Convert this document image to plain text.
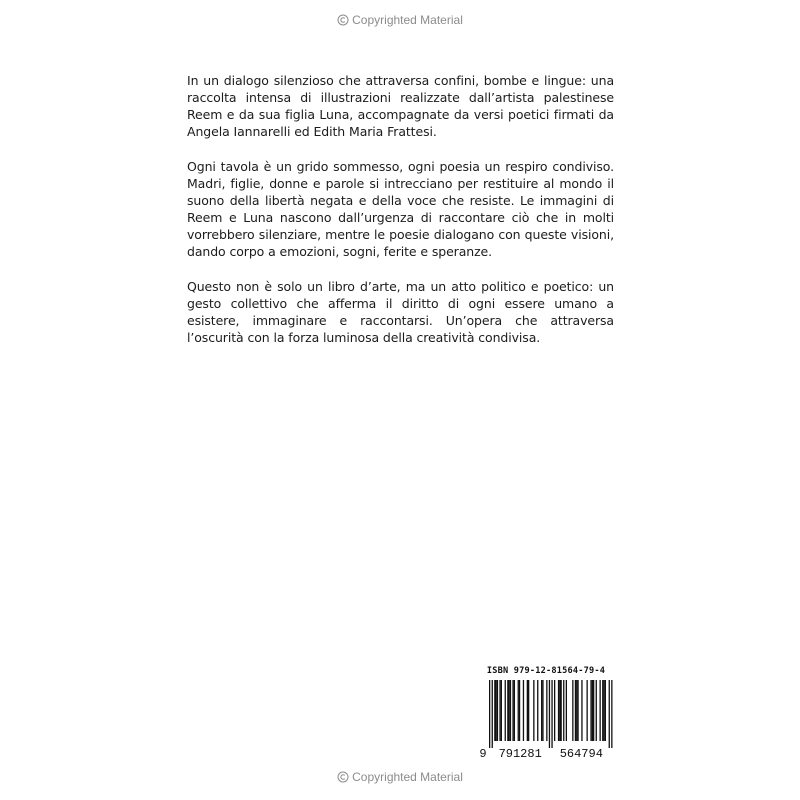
Copyrighted Material

In un dialogo silenzioso che attraversa confini, bombe e lingue: una raccolta intensa di illustrazioni realizzate dall’artista palestinese Reem e da sua figlia Luna, accompagnate da versi poetici firmati da Angela Iannarelli ed Edith Maria Frattesi.

Ogni tavola è un grido sommesso, ogni poesia un respiro condiviso. Madri, figlie, donne e parole si intrecciano per restituire al mondo il suono della libertà negata e della voce che resiste. Le immagini di Reem e Luna nascono dall’urgenza di raccontare ciò che in molti vorrebbero silenziare, mentre le poesie dialogano con queste visioni, dando corpo a emozioni, sogni, ferite e speranze.

Questo non è solo un libro d’arte, ma un atto politico e poetico: un gesto collettivo che afferma il diritto di ogni essere umano a esistere, immaginare e raccontarsi. Un’opera che attraversa l’oscurità con la forza luminosa della creatività condivisa.

ISBN 979-12-81564-79-4
9 791281 564794
Copyrighted Material
